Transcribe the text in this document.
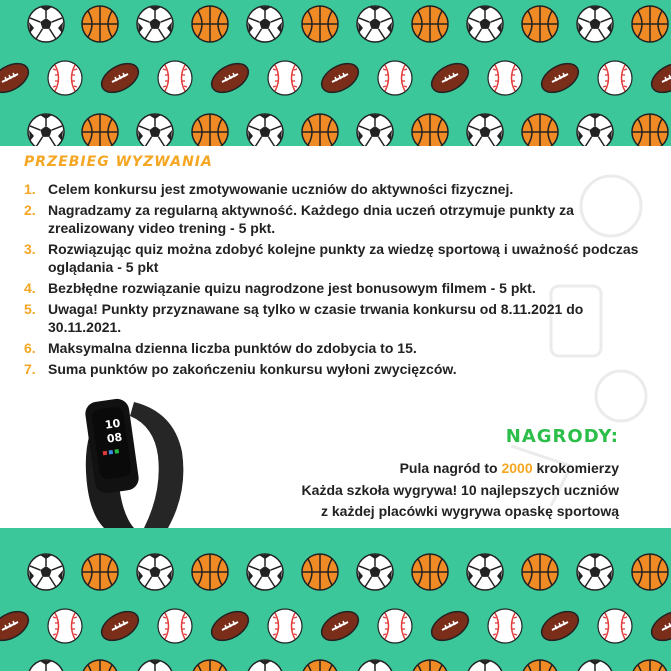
PRZEBIEG WYZWANIA
1. Celem konkursu jest zmotywowanie uczniów do aktywności fizycznej.
2. Nagradzamy za regularną aktywność. Każdego dnia uczeń otrzymuje punkty za zrealizowany video trening - 5 pkt.
3. Rozwiązując quiz można zdobyć kolejne punkty za wiedzę sportową i uważność podczas oglądania - 5 pkt
4. Bezbłędne rozwiązanie quizu nagrodzone jest bonusowym filmem - 5 pkt.
5. Uwaga! Punkty przyznawane są tylko w czasie trwania konkursu od 8.11.2021 do 30.11.2021.
6. Maksymalna dzienna liczba punktów do zdobycia to 15.
7. Suma punktów po zakończeniu konkursu wyłoni zwycięzców.
10
08	NAGRODY:
Pula nagród to 2000 krokomierzy
Każda szkoła wygrywa! 10 najlepszych uczniów
z każdej placówki wygrywa opaskę sportową
